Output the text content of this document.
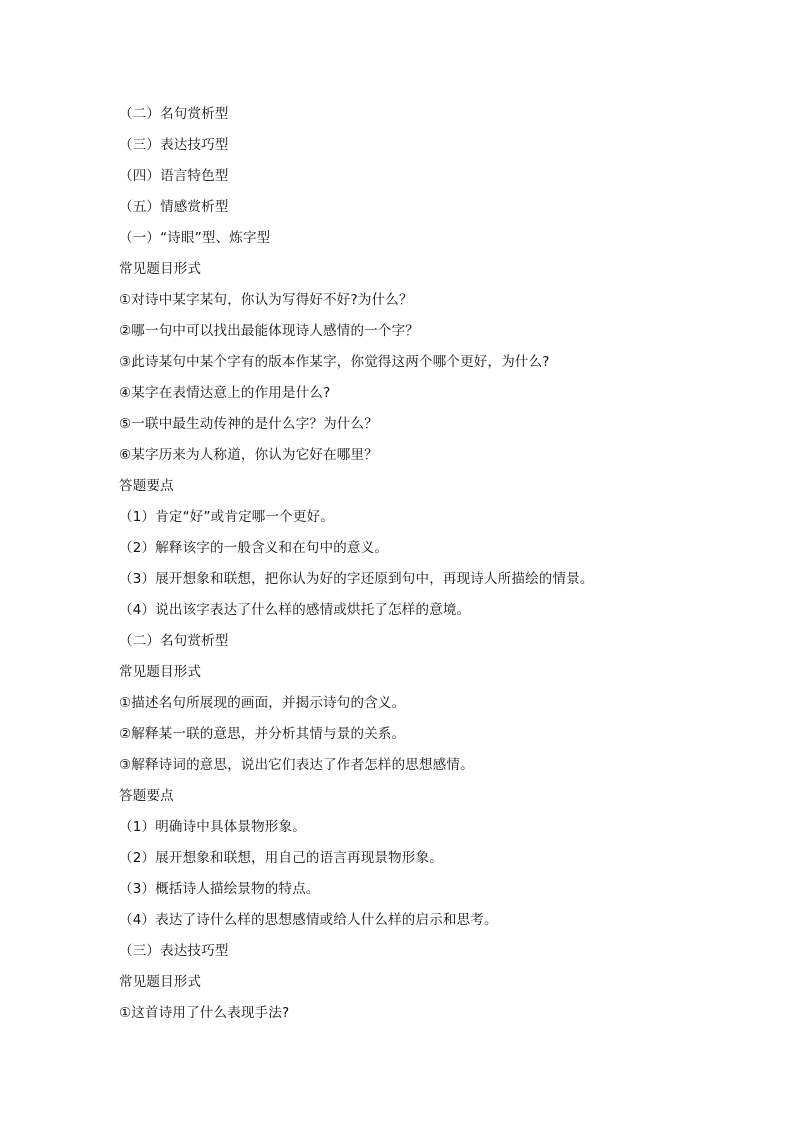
（二）名句赏析型
（三）表达技巧型
（四）语言特色型
（五）情感赏析型
（一）“诗眼”型、炼字型
常见题目形式
①对诗中某字某句，你认为写得好不好?为什么？
②哪一句中可以找出最能体现诗人感情的一个字？
③此诗某句中某个字有的版本作某字，你觉得这两个哪个更好，为什么?
④某字在表情达意上的作用是什么?
⑤一联中最生动传神的是什么字？为什么？
⑥某字历来为人称道，你认为它好在哪里？
答题要点
（1）肯定“好”或肯定哪一个更好。
（2）解释该字的一般含义和在句中的意义。
（3）展开想象和联想，把你认为好的字还原到句中，再现诗人所描绘的情景。
（4）说出该字表达了什么样的感情或烘托了怎样的意境。
（二）名句赏析型
常见题目形式
①描述名句所展现的画面，并揭示诗句的含义。
②解释某一联的意思，并分析其情与景的关系。
③解释诗词的意思，说出它们表达了作者怎样的思想感情。
答题要点
（1）明确诗中具体景物形象。
（2）展开想象和联想，用自己的语言再现景物形象。
（3）概括诗人描绘景物的特点。
（4）表达了诗什么样的思想感情或给人什么样的启示和思考。
（三）表达技巧型
常见题目形式
①这首诗用了什么表现手法?
